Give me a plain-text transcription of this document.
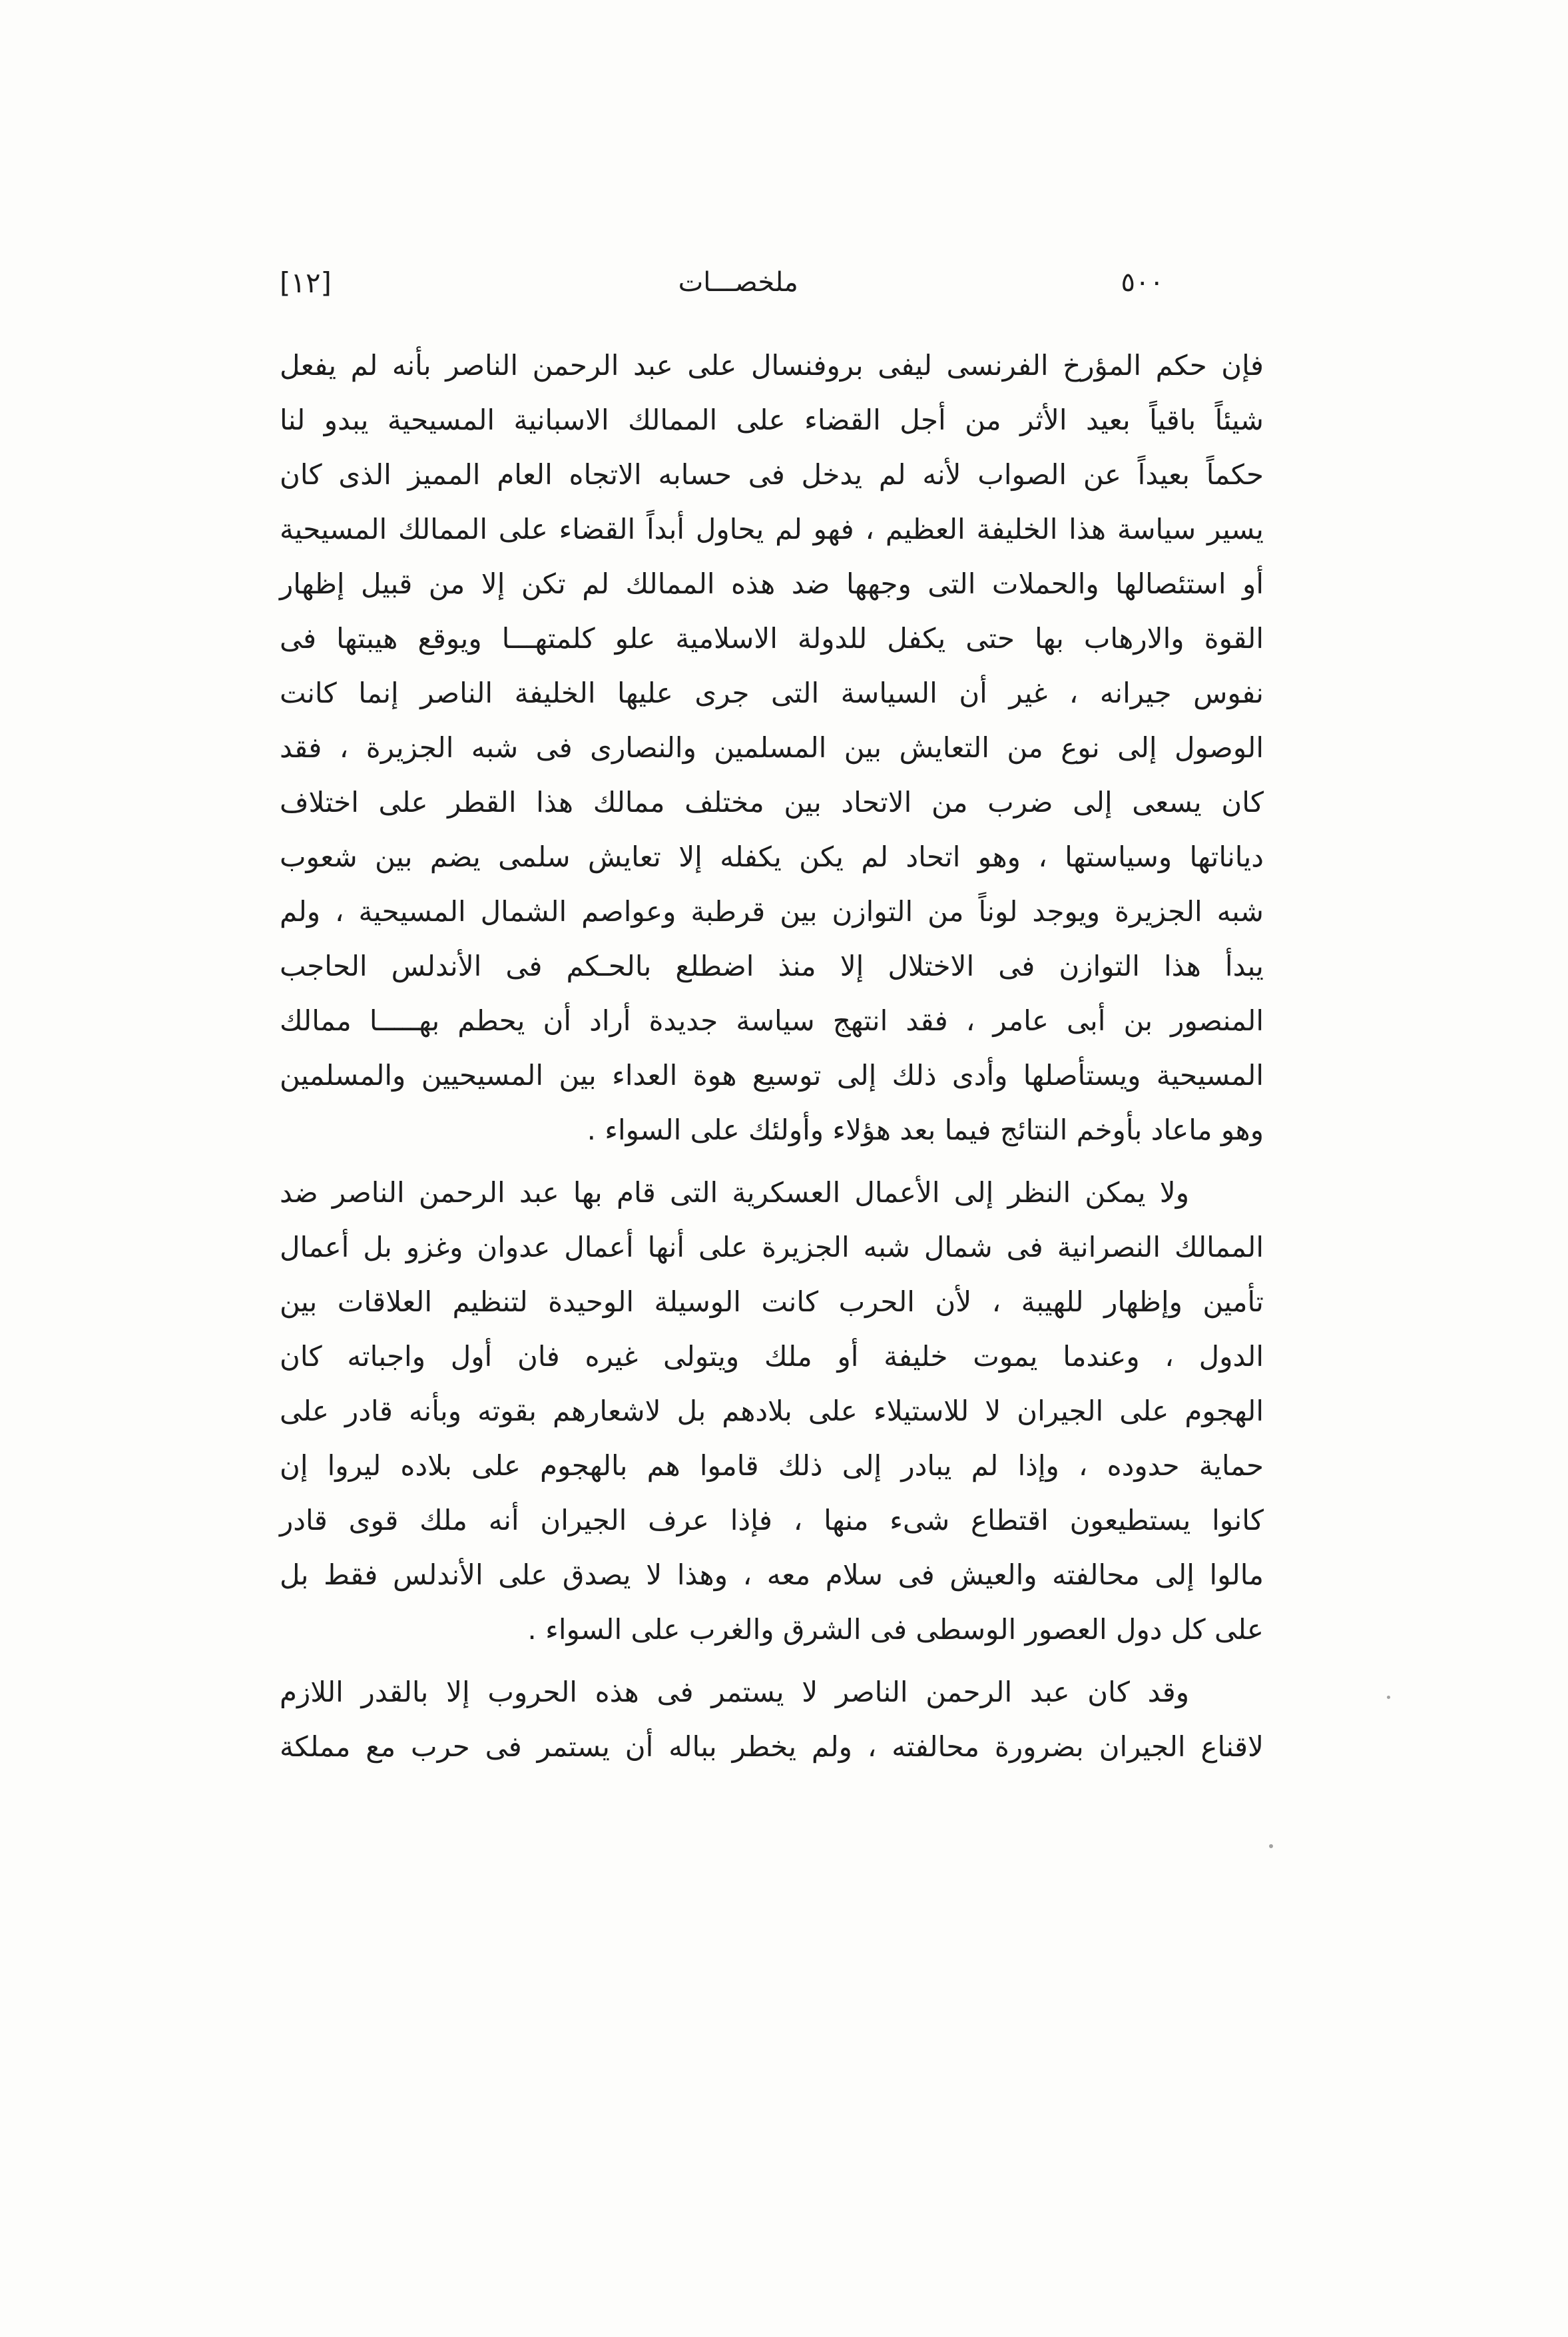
٥٠٠
ملخصـــات
[١٢]
فإن حكم المؤرخ الفرنسى ليفى بروفنسال على عبد الرحمن الناصر بأنه لم يفعل
شيئاً باقياً بعيد الأثر من أجل القضاء على الممالك الاسبانية المسيحية يبدو لنا
حكماً بعيداً عن الصواب لأنه لم يدخل فى حسابه الاتجاه العام المميز الذى كان
يسير سياسة هذا الخليفة العظيم ، فهو لم يحاول أبداً القضاء على الممالك المسيحية
أو استئصالها والحملات التى وجهها ضد هذه الممالك لم تكن إلا من قبيل إظهار
القوة والارهاب بها حتى يكفل للدولة الاسلامية علو كلمتهـــا ويوقع هيبتها فى
نفوس جيرانه ، غير أن السياسة التى جرى عليها الخليفة الناصر إنما كانت
الوصول إلى نوع من التعايش بين المسلمين والنصارى فى شبه الجزيرة ، فقد
كان يسعى إلى ضرب من الاتحاد بين مختلف ممالك هذا القطر على اختلاف
دياناتها وسياستها ، وهو اتحاد لم يكن يكفله إلا تعايش سلمى يضم بين شعوب
شبه الجزيرة ويوجد لوناً من التوازن بين قرطبة وعواصم الشمال المسيحية ، ولم
يبدأ هذا التوازن فى الاختلال إلا منذ اضطلع بالحـكم فى الأندلس الحاجب
المنصور بن أبى عامر ، فقد انتهج سياسة جديدة أراد أن يحطم بهـــــا ممالك
المسيحية ويستأصلها وأدى ذلك إلى توسيع هوة العداء بين المسيحيين والمسلمين
وهو ماعاد بأوخم النتائج فيما بعد هؤلاء وأولئك على السواء .
ولا يمكن النظر إلى الأعمال العسكرية التى قام بها عبد الرحمن الناصر ضد
الممالك النصرانية فى شمال شبه الجزيرة على أنها أعمال عدوان وغزو بل أعمال
تأمين وإظهار للهيبة ، لأن الحرب كانت الوسيلة الوحيدة لتنظيم العلاقات بين
الدول ، وعندما يموت خليفة أو ملك ويتولى غيره فان أول واجباته كان
الهجوم على الجيران لا للاستيلاء على بلادهم بل لاشعارهم بقوته وبأنه قادر على
حماية حدوده ، وإذا لم يبادر إلى ذلك قاموا هم بالهجوم على بلاده ليروا إن
كانوا يستطيعون اقتطاع شىء منها ، فإذا عرف الجيران أنه ملك قوى قادر
مالوا إلى محالفته والعيش فى سلام معه ، وهذا لا يصدق على الأندلس فقط بل
على كل دول العصور الوسطى فى الشرق والغرب على السواء .
وقد كان عبد الرحمن الناصر لا يستمر فى هذه الحروب إلا بالقدر اللازم
لاقناع الجيران بضرورة محالفته ، ولم يخطر بباله أن يستمر فى حرب مع مملكة
